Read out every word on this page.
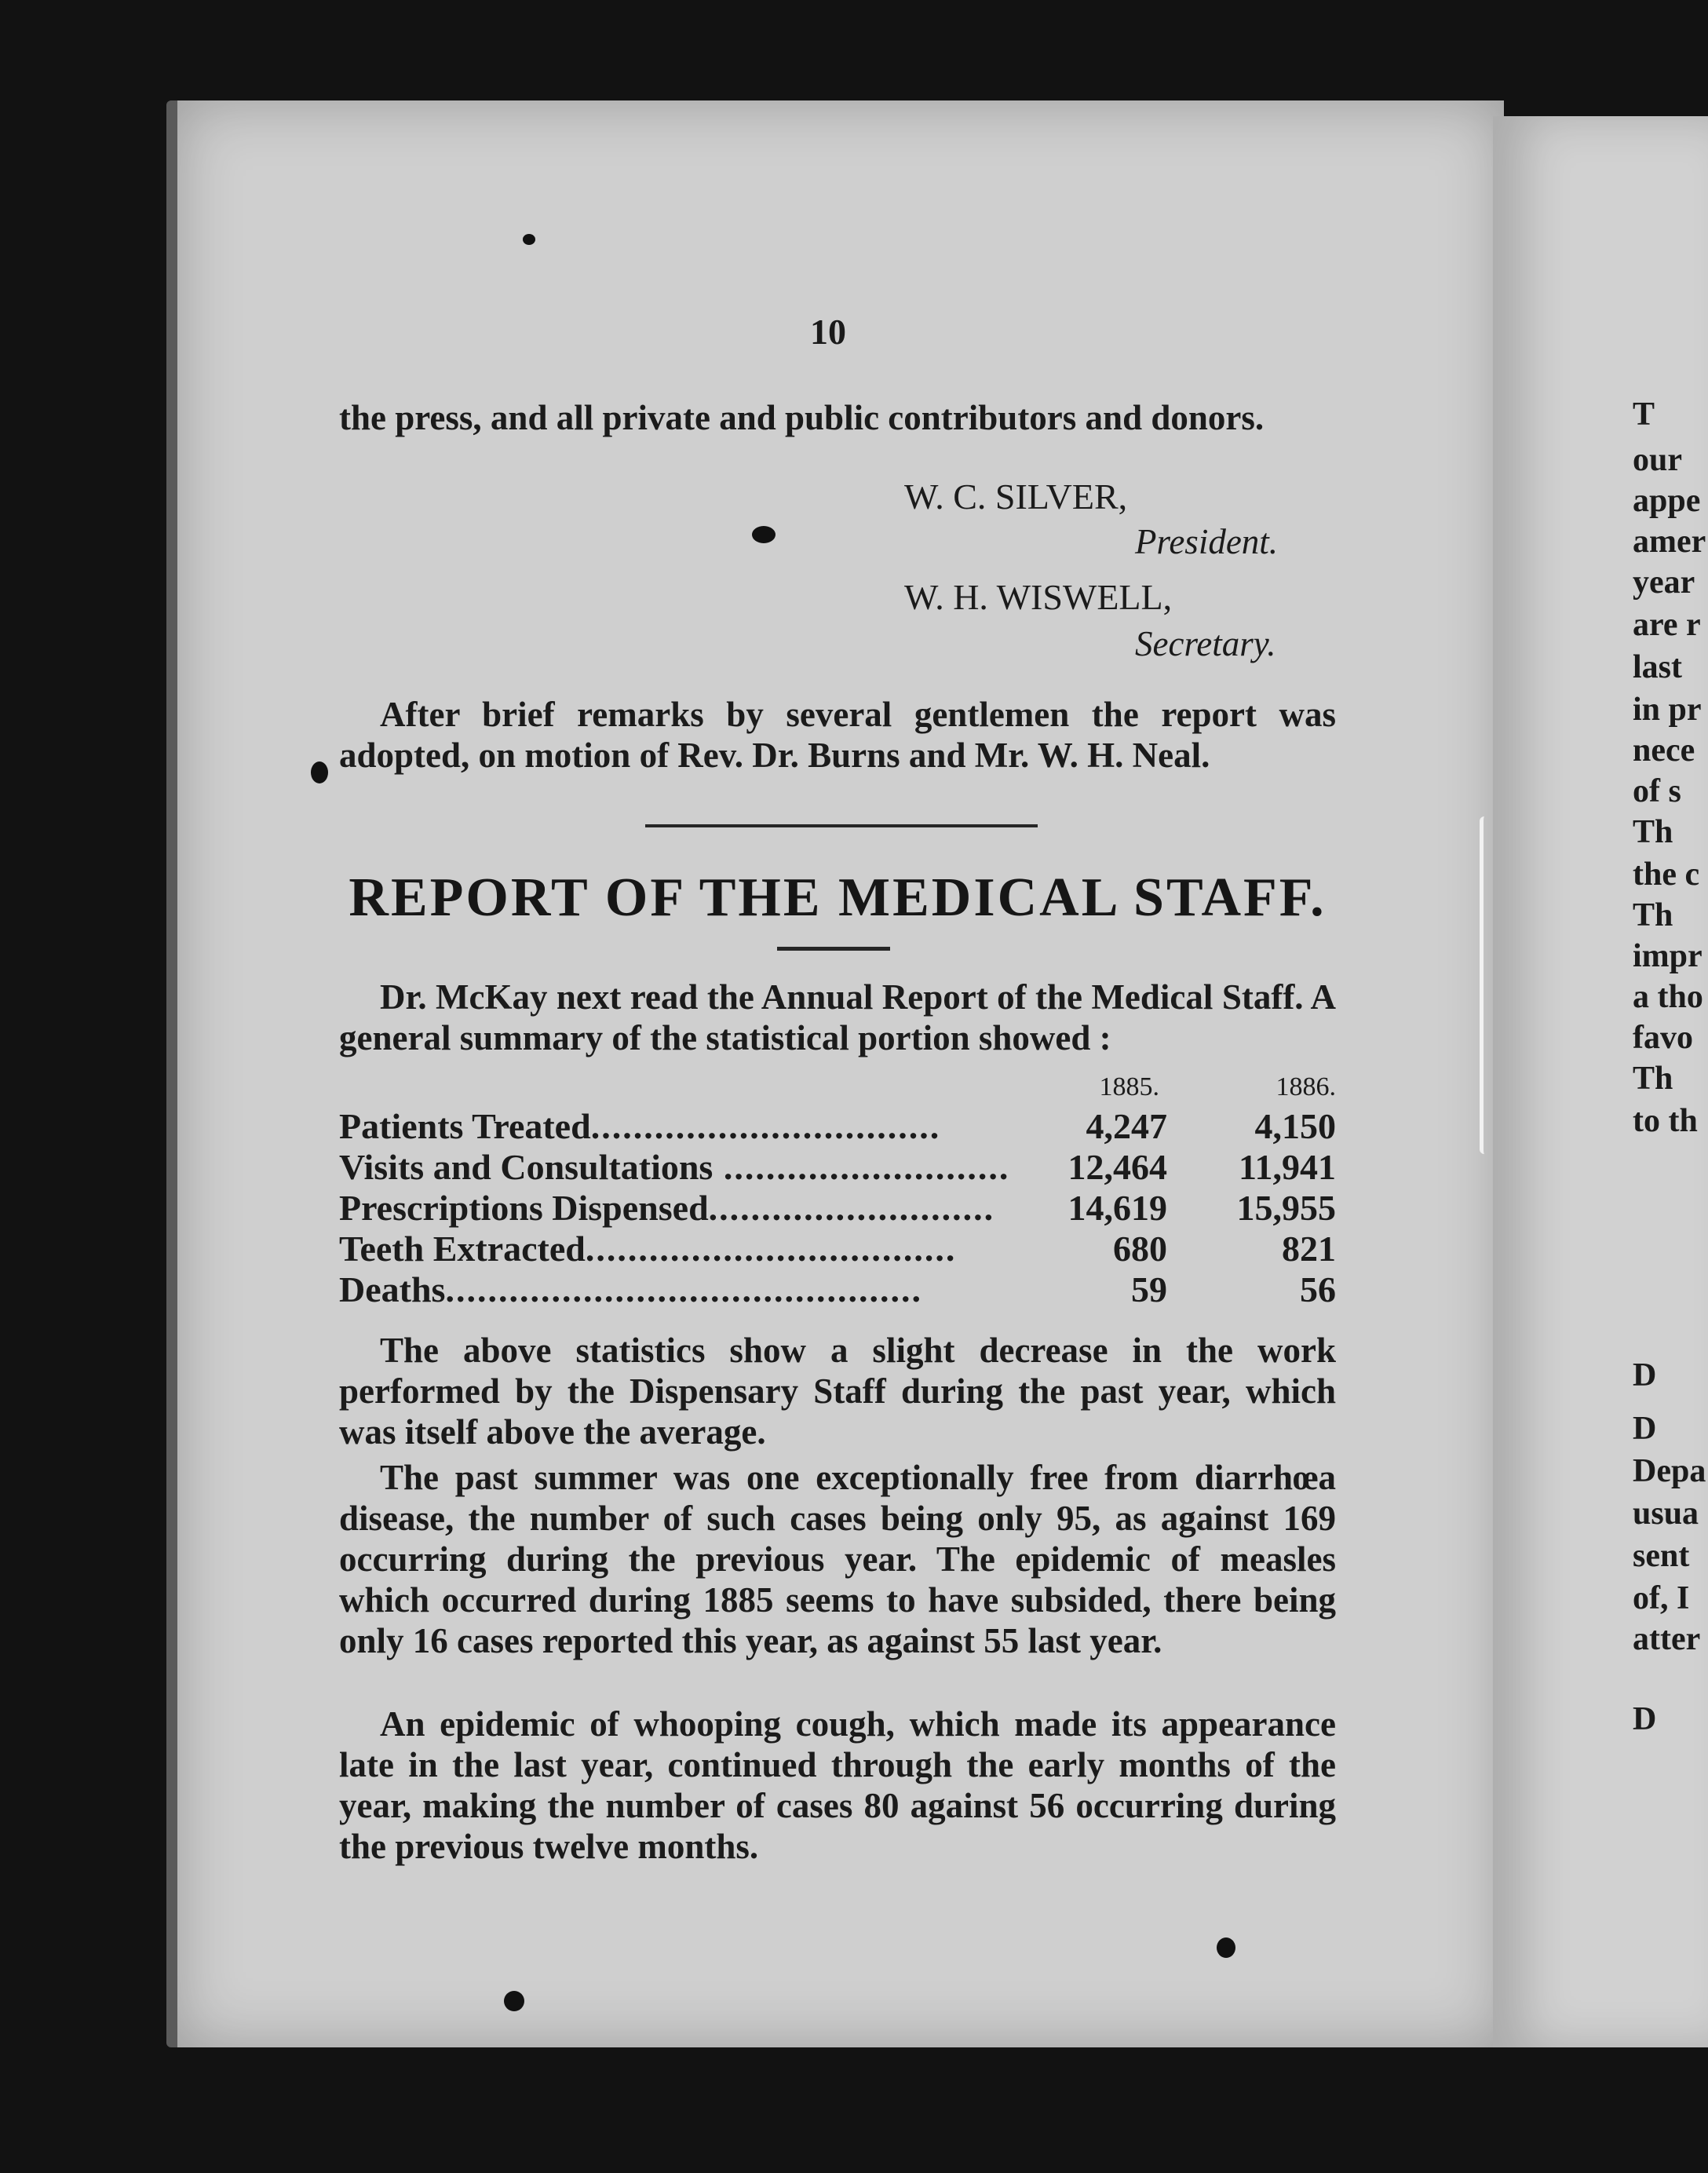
10
the press, and all private and public contributors and donors.
W. C. SILVER,
President.
W. H. WISWELL,
Secretary.
After brief remarks by several gentlemen the report was adopted, on motion of Rev. Dr. Burns and Mr. W. H. Neal.
REPORT OF THE MEDICAL STAFF.
Dr. McKay next read the Annual Report of the Medical Staff. A general summary of the statistical portion showed :
1885.	1886.
Patients Treated.................................	4,247 4,150
Visits and Consultations ........................... 12,464 11,941
Prescriptions Dispensed...........................	14,619 15,955
Teeth Extracted...................................	680	821
Deaths.............................................	59	56
The above statistics show a slight decrease in the work performed by the Dispensary Staff during the past year, which was itself above the average.
The past summer was one exceptionally free from diarrhœa disease, the number of such cases being only 95, as against 169 occurring during the previous year. The epidemic of measles which occurred during 1885 seems to have subsided, there being only 16 cases reported this year, as against 55 last year.
An epidemic of whooping cough, which made its appearance late in the last year, continued through the early months of the year, making the number of cases 80 against 56 occurring during the previous twelve months.
T
our
appe
amer
year
are r
last
in pr
nece
of s
Th
the c
Th
impr
a tho
favo
Th
to th
D
D
Depa
usua
sent
of, I
atter
D
